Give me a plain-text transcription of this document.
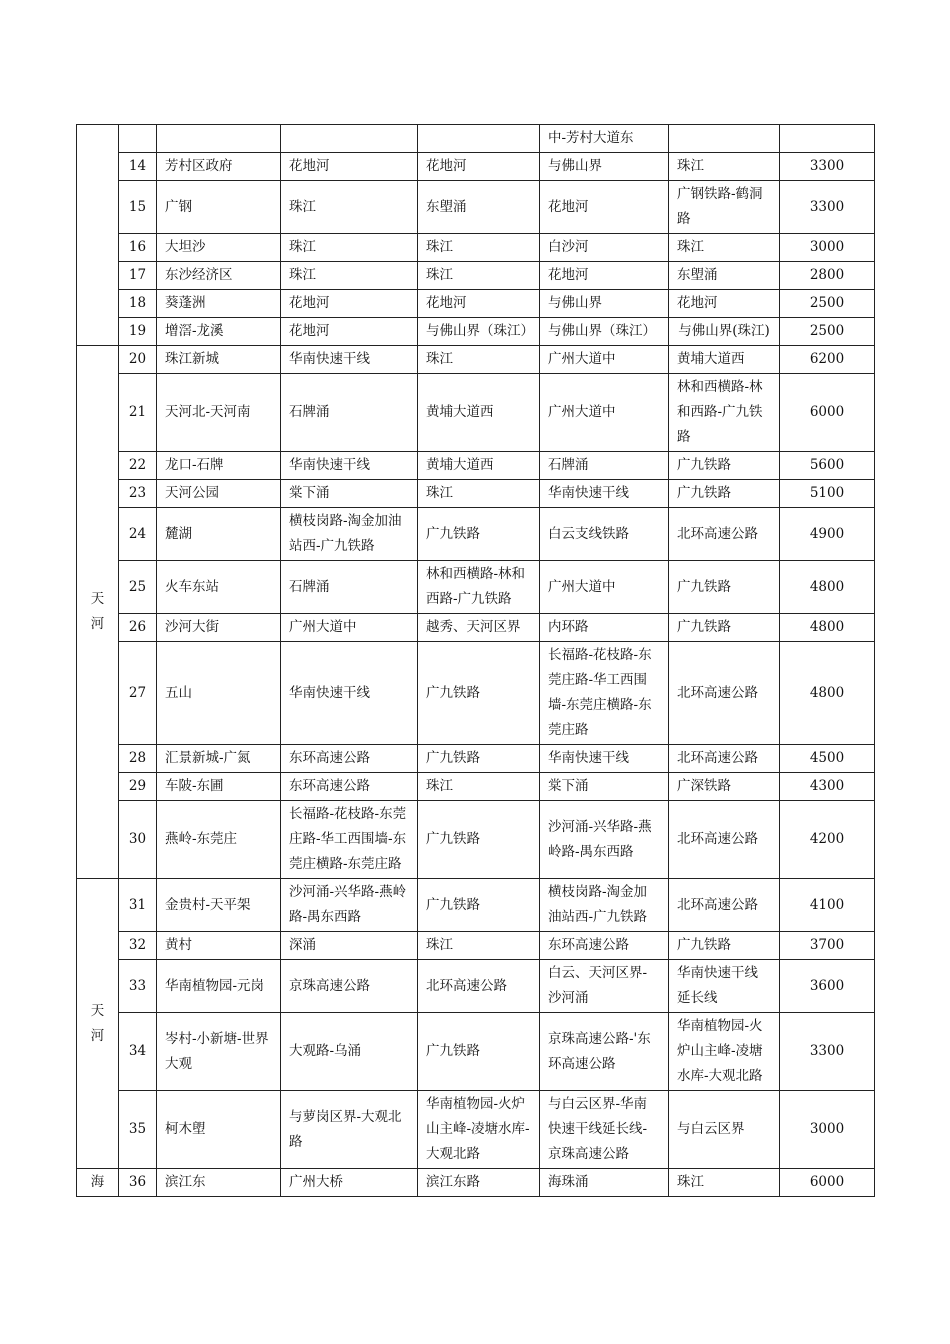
					中-芳村大道东		
	14	芳村区政府	花地河	花地河	与佛山界	珠江	3300
	15	广钢	珠江	东塱涌	花地河	广钢铁路-鹤洞路	3300
	16	大坦沙	珠江	珠江	白沙河	珠江	3000
	17	东沙经济区	珠江	珠江	花地河	东塱涌	2800
	18	葵蓬洲	花地河	花地河	与佛山界	花地河	2500
	19	增滘-龙溪	花地河	与佛山界（珠江）	与佛山界（珠江）	与佛山界(珠江)	2500
天河	20	珠江新城	华南快速干线	珠江	广州大道中	黄埔大道西	6200
	21	天河北-天河南	石牌涌	黄埔大道西	广州大道中	林和西横路-林和西路-广九铁路	6000
	22	龙口-石牌	华南快速干线	黄埔大道西	石牌涌	广九铁路	5600
	23	天河公园	棠下涌	珠江	华南快速干线	广九铁路	5100
	24	麓湖	横枝岗路-淘金加油站西-广九铁路	广九铁路	白云支线铁路	北环高速公路	4900
	25	火车东站	石牌涌	林和西横路-林和西路-广九铁路	广州大道中	广九铁路	4800
	26	沙河大街	广州大道中	越秀、天河区界	内环路	广九铁路	4800
	27	五山	华南快速干线	广九铁路	长福路-花枝路-东莞庄路-华工西围墙-东莞庄横路-东莞庄路	北环高速公路	4800
	28	汇景新城-广氮	东环高速公路	广九铁路	华南快速干线	北环高速公路	4500
	29	车陂-东圃	东环高速公路	珠江	棠下涌	广深铁路	4300
	30	燕岭-东莞庄	长福路-花枝路-东莞庄路-华工西围墙-东莞庄横路-东莞庄路	广九铁路	沙河涌-兴华路-燕岭路-禺东西路	北环高速公路	4200
天河	31	金贵村-天平架	沙河涌-兴华路-燕岭路-禺东西路	广九铁路	横枝岗路-淘金加油站西-广九铁路	北环高速公路	4100
	32	黄村	深涌	珠江	东环高速公路	广九铁路	3700
	33	华南植物园-元岗	京珠高速公路	北环高速公路	白云、天河区界-沙河涌	华南快速干线延长线	3600
	34	岑村-小新塘-世界大观	大观路-乌涌	广九铁路	京珠高速公路-'东环高速公路	华南植物园-火炉山主峰-凌塘水库-大观北路	3300
	35	柯木塱	与萝岗区界-大观北路	华南植物园-火炉山主峰-凌塘水库-大观北路	与白云区界-华南快速干线延长线-京珠高速公路	与白云区界	3000
海	36	滨江东	广州大桥	滨江东路	海珠涌	珠江	6000
